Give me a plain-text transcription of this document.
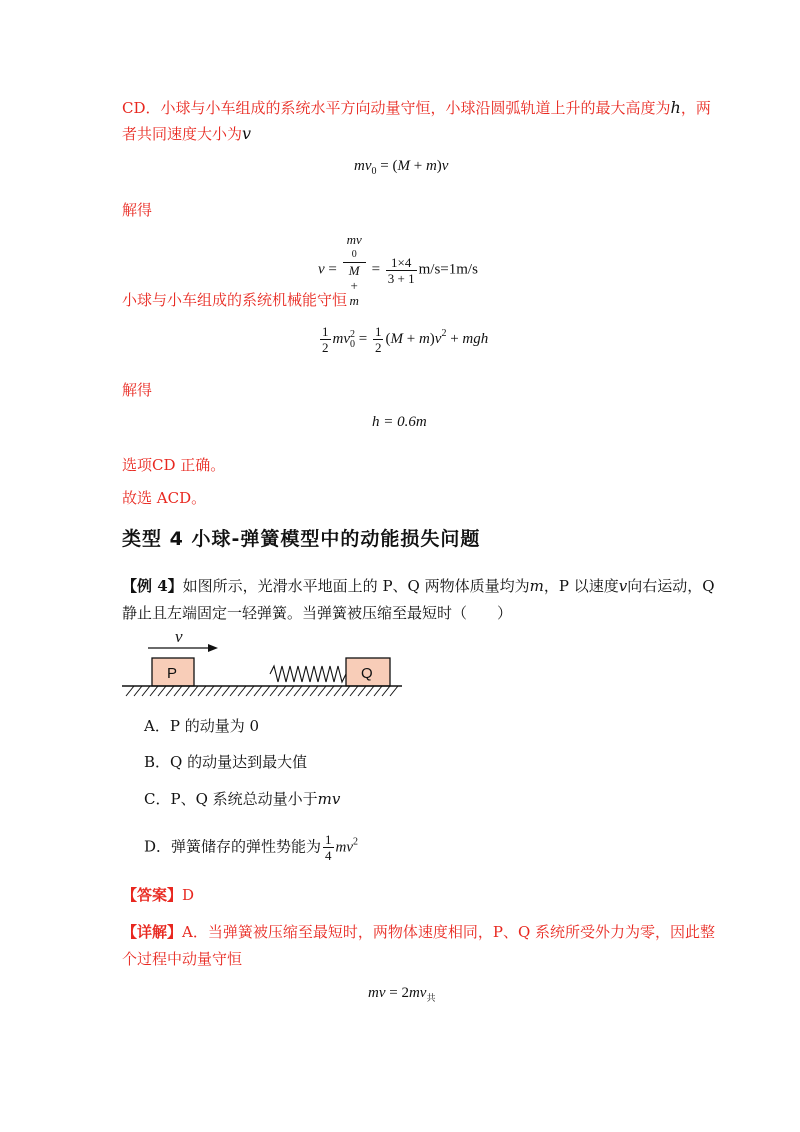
CD．小球与小车组成的系统水平方向动量守恒，小球沿圆弧轨道上升的最大高度为h，两
者共同速度大小为v
$mv_0 = (M + m)v$
解得
v = mv
0
M
+
$m = \frac{1\times 4}{3 + 1} m/s=1m/s$
小球与小车组成的系统机械能守恒
$\frac{1}{2}$ mv 2
$0 = \frac{1}{2} (M + m)v^2$ + mgh
解得
h = 0.6m
选项CD 正确。
故选 ACD。
类型 4 小球-弹簧模型中的动能损失问题
【例 4】如图所示，光滑水平地面上的 P、Q 两物体质量均为m，P 以速度v向右运动，Q
静止且左端固定一轻弹簧。当弹簧被压缩至最短时（　　）
v
P	Q
A．P 的动量为 0
B．Q 的动量达到最大值
C．P、Q 系统总动量小于mv
D．弹簧储存的弹性势能为 $\frac{1}{4} mv^2$
【答案】D
【详解】A．当弹簧被压缩至最短时，两物体速度相同，P、Q 系统所受外力为零，因此整
个过程中动量守恒
mv = $2mv_共$
